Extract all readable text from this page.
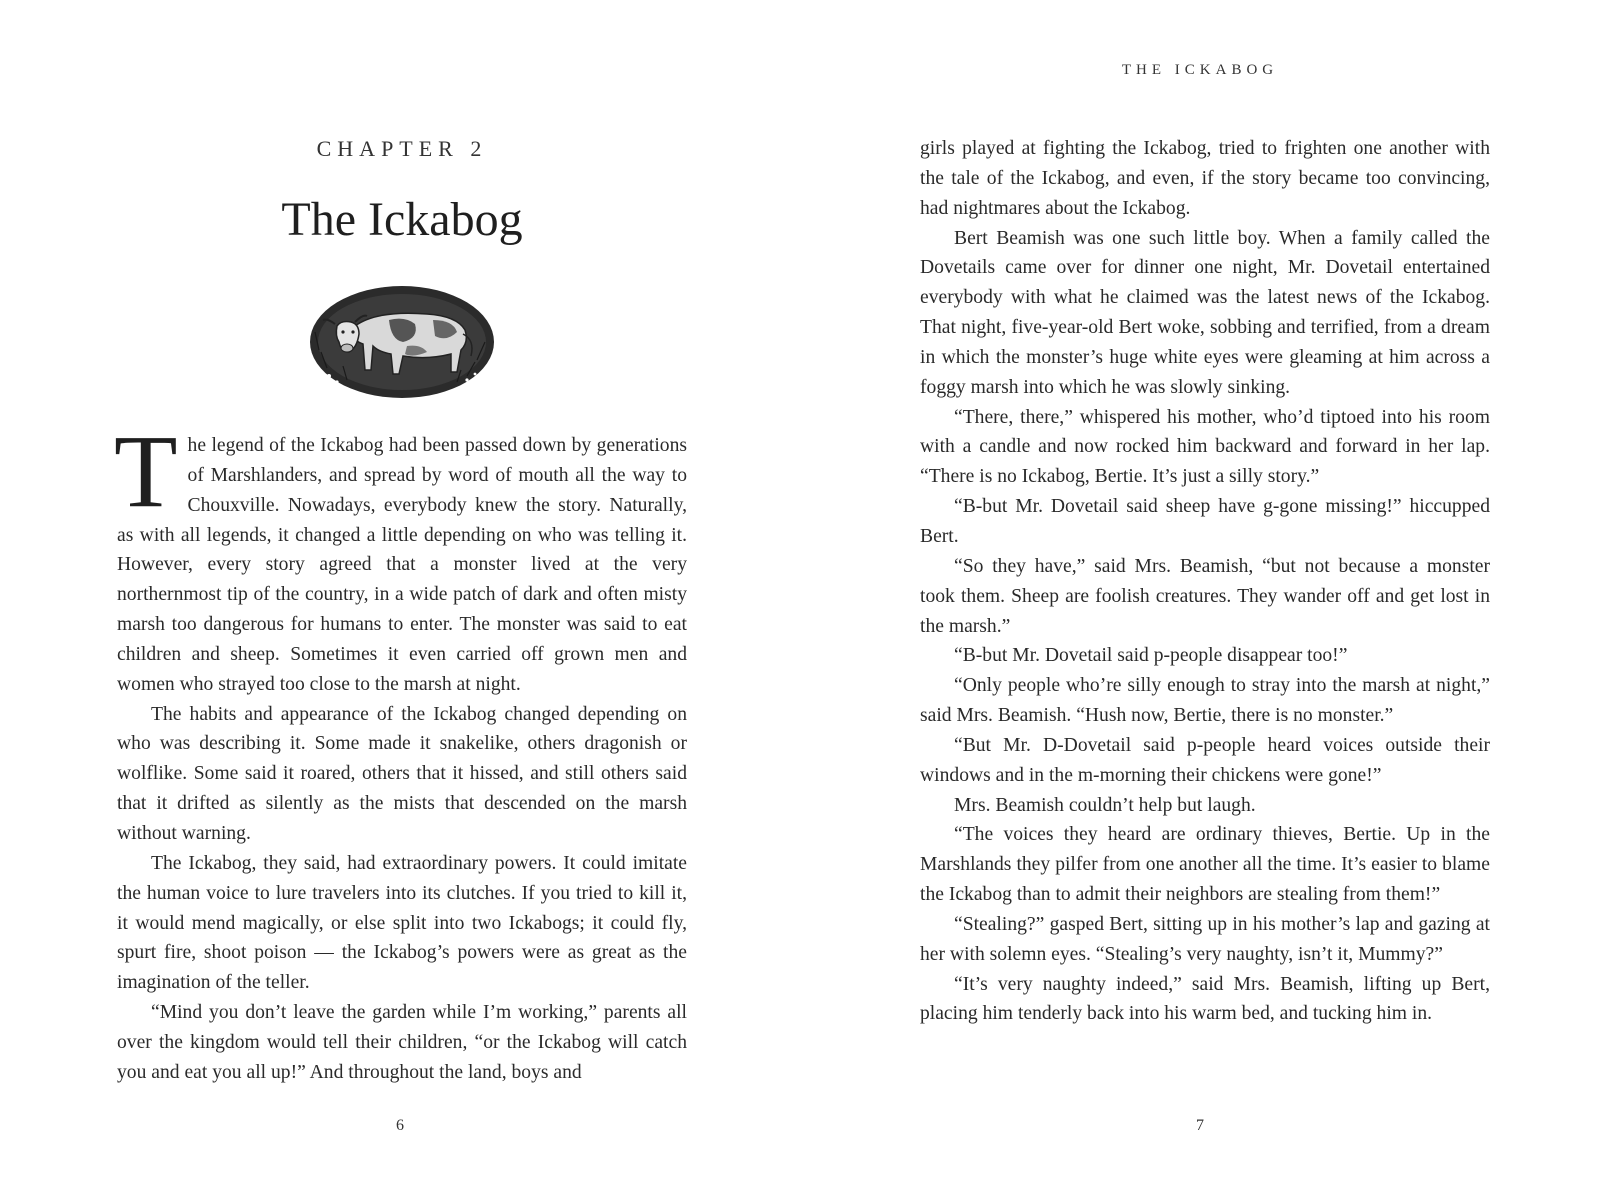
CHAPTER 2
The Ickabog

The legend of the Ickabog had been passed down by generations of Marshlanders, and spread by word of mouth all the way to Chouxville. Nowadays, everybody knew the story. Naturally, as with all legends, it changed a little depending on who was telling it. However, every story agreed that a monster lived at the very northernmost tip of the country, in a wide patch of dark and often misty marsh too dangerous for humans to enter. The monster was said to eat children and sheep. Sometimes it even carried off grown men and women who strayed too close to the marsh at night.

The habits and appearance of the Ickabog changed depending on who was describing it. Some made it snakelike, others dragonish or wolflike. Some said it roared, others that it hissed, and still others said that it drifted as silently as the mists that descended on the marsh without warning.

The Ickabog, they said, had extraordinary powers. It could imitate the human voice to lure travelers into its clutches. If you tried to kill it, it would mend magically, or else split into two Ickabogs; it could fly, spurt fire, shoot poison — the Ickabog’s powers were as great as the imagination of the teller.

“Mind you don’t leave the garden while I’m working,” parents all over the kingdom would tell their children, “or the Ickabog will catch you and eat you all up!” And throughout the land, boys and

6
THE ICKABOG
7

girls played at fighting the Ickabog, tried to frighten one another with the tale of the Ickabog, and even, if the story became too convincing, had nightmares about the Ickabog.

Bert Beamish was one such little boy. When a family called the Dovetails came over for dinner one night, Mr. Dovetail entertained everybody with what he claimed was the latest news of the Ickabog. That night, five-year-old Bert woke, sobbing and terrified, from a dream in which the monster’s huge white eyes were gleaming at him across a foggy marsh into which he was slowly sinking.

“There, there,” whispered his mother, who’d tiptoed into his room with a candle and now rocked him backward and forward in her lap. “There is no Ickabog, Bertie. It’s just a silly story.”

“B-but Mr. Dovetail said sheep have g-gone missing!” hiccupped Bert.

“So they have,” said Mrs. Beamish, “but not because a monster took them. Sheep are foolish creatures. They wander off and get lost in the marsh.”

“B-but Mr. Dovetail said p-people disappear too!”

“Only people who’re silly enough to stray into the marsh at night,” said Mrs. Beamish. “Hush now, Bertie, there is no monster.”

“But Mr. D-Dovetail said p-people heard voices outside their windows and in the m-morning their chickens were gone!”

Mrs. Beamish couldn’t help but laugh.

“The voices they heard are ordinary thieves, Bertie. Up in the Marshlands they pilfer from one another all the time. It’s easier to blame the Ickabog than to admit their neighbors are stealing from them!”

“Stealing?” gasped Bert, sitting up in his mother’s lap and gazing at her with solemn eyes. “Stealing’s very naughty, isn’t it, Mummy?”

“It’s very naughty indeed,” said Mrs. Beamish, lifting up Bert, placing him tenderly back into his warm bed, and tucking him in.
